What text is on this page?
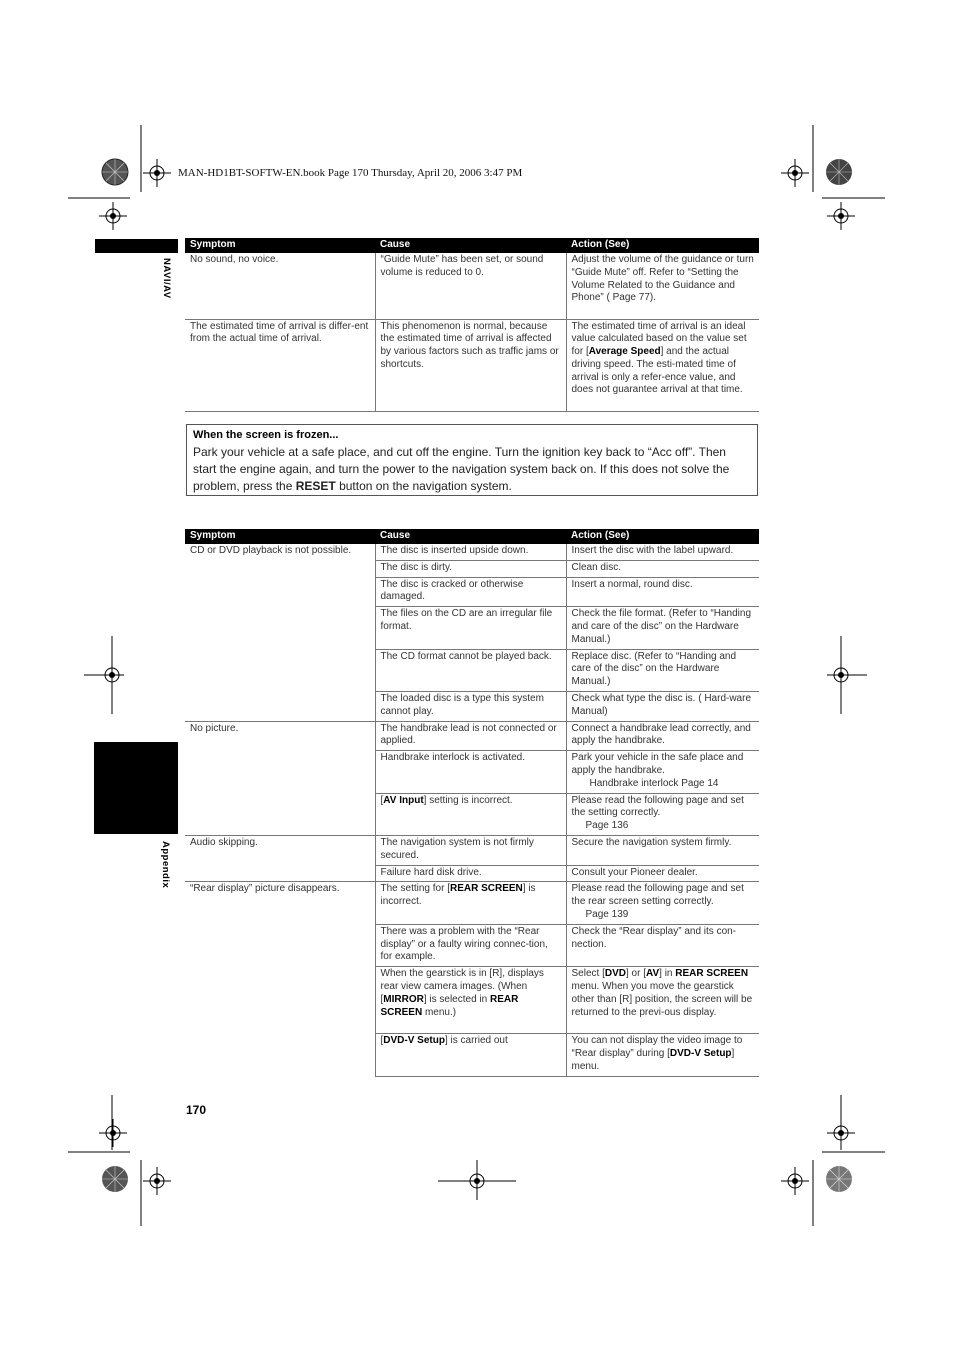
MAN-HD1BT-SOFTW-EN.book Page 170 Thursday, April 20, 2006 3:47 PM
NAVI/AV
Appendix
Symptom	Cause	Action (See)
No sound, no voice.	“Guide Mute” has been set, or sound volume is reduced to 0.	Adjust the volume of the guidance or turn “Guide Mute” off. Refer to “Setting the Volume Related to the Guidance and Phone” ( Page 77).
The estimated time of arrival is differ-ent from the actual time of arrival.	This phenomenon is normal, because the estimated time of arrival is affected by various factors such as traffic jams or shortcuts.	The estimated time of arrival is an ideal value calculated based on the value set for [Average Speed] and the actual driving speed. The esti-mated time of arrival is only a refer-ence value, and does not guarantee arrival at that time.
When the screen is frozen...
Park your vehicle at a safe place, and cut off the engine. Turn the ignition key back to “Acc off”. Then start the engine again, and turn the power to the navigation system back on. If this does not solve the problem, press the RESET button on the navigation system.
Symptom	Cause	Action (See)
CD or DVD playback is not possible.	The disc is inserted upside down.	Insert the disc with the label upward.
	The disc is dirty.	Clean disc.
	The disc is cracked or otherwise damaged.	Insert a normal, round disc.
	The files on the CD are an irregular file format.	Check the file format. (Refer to “Handing and care of the disc” on the Hardware Manual.)
	The CD format cannot be played back.	Replace disc. (Refer to “Handing and care of the disc” on the Hardware Manual.)
	The loaded disc is a type this system cannot play.	Check what type the disc is. ( Hard-ware Manual)
No picture.	The handbrake lead is not connected or applied.	Connect a handbrake lead correctly, and apply the handbrake.
	Handbrake interlock is activated.	Park your vehicle in the safe place and apply the handbrake.
Handbrake interlock Page 14
	[AV Input] setting is incorrect.	Please read the following page and set the setting correctly.
Page 136
Audio skipping.	The navigation system is not firmly secured.	Secure the navigation system firmly.
	Failure hard disk drive.	Consult your Pioneer dealer.
“Rear display” picture disappears.	The setting for [REAR SCREEN] is incorrect.	Please read the following page and set the rear screen setting correctly.
Page 139
	There was a problem with the “Rear display” or a faulty wiring connec-tion, for example.	Check the “Rear display” and its con-nection.
	When the gearstick is in [R], displays rear view camera images. (When [MIRROR] is selected in REAR SCREEN menu.)	Select [DVD] or [AV] in REAR SCREEN menu. When you move the gearstick other than [R] position, the screen will be returned to the previ-ous display.
	[DVD-V Setup] is carried out	You can not display the video image to “Rear display” during [DVD-V Setup] menu.
170
